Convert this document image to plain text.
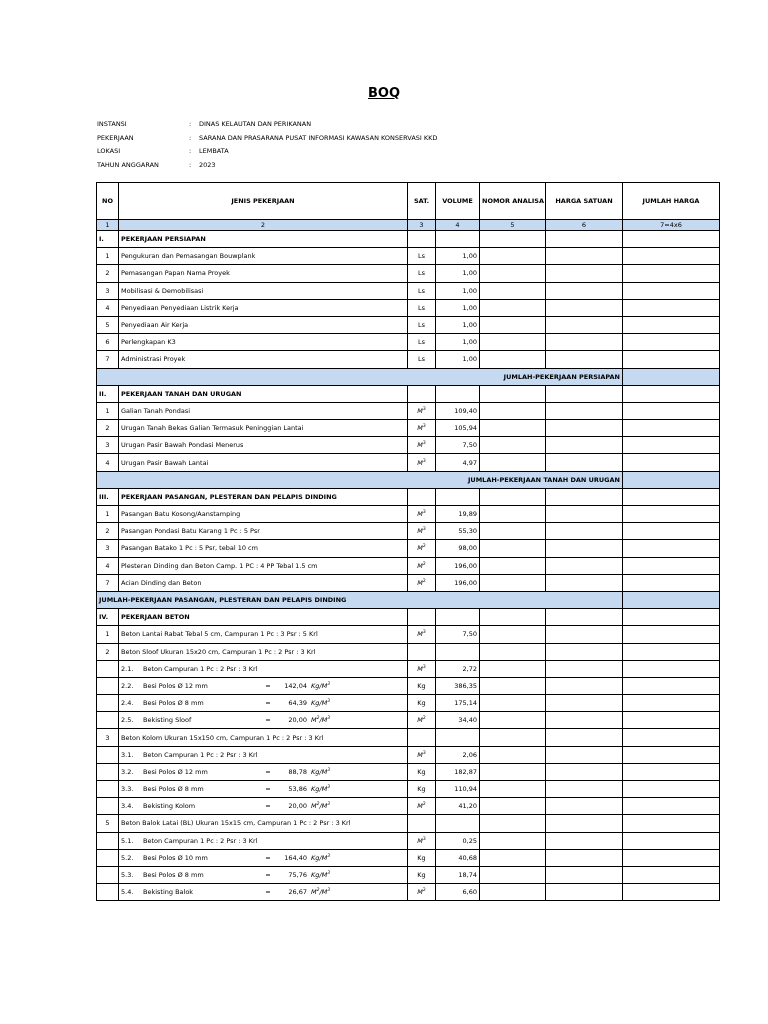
BOQ
INSTANSI	:	DINAS KELAUTAN DAN PERIKANAN
PEKERJAAN	:	SARANA DAN PRASARANA PUSAT INFORMASI KAWASAN KONSERVASI KKD
LOKASI	:	LEMBATA
TAHUN ANGGARAN	:	2023
NO	JENIS PEKERJAAN	SAT.	VOLUME	NOMOR ANALISA	HARGA SATUAN	JUMLAH HARGA
1	2	3	4	5	6	7=4x6
I.	PEKERJAAN PERSIAPAN					
1	Pengukuran dan Pemasangan Bouwplank	Ls	1,00			
2	Pemasangan Papan Nama Proyek	Ls	1,00			
3	Mobilisasi & Demobilisasi	Ls	1,00			
4	Penyediaan Penyediaan Listrik Kerja	Ls	1,00			
5	Penyediaan Air Kerja	Ls	1,00			
6	Perlengkapan K3	Ls	1,00			
7	Administrasi Proyek	Ls	1,00			
JUMLAH-PEKERJAAN PERSIAPAN						
II.	PEKERJAAN TANAH DAN URUGAN					
1	Galian Tanah Pondasi	$M^3$	109,40			
2	Urugan Tanah Bekas Galian Termasuk Peninggian Lantai	$M^3$	105,94			
3	Urugan Pasir Bawah Pondasi Menerus	$M^3$	7,50			
4	Urugan Pasir Bawah Lantai	$M^3$	4,97			
JUMLAH-PEKERJAAN TANAH DAN URUGAN						
III.	PEKERJAAN PASANGAN, PLESTERAN DAN PELAPIS DINDING					
1	Pasangan Batu Kosong/Aanstamping	$M^3$	19,89			
2	Pasangan Pondasi Batu Karang 1 Pc : 5 Psr	$M^3$	55,30			
3	Pasangan Batako 1 Pc : 5 Psr, tebal 10 cm	$M^2$	98,00			
4	Plesteran Dinding dan Beton Camp. 1 PC : 4 PP Tebal 1.5 cm	$M^2$	196,00			
7	Acian Dinding dan Beton	$M^2$	196,00			
JUMLAH-PEKERJAAN PASANGAN, PLESTERAN DAN PELAPIS DINDING						
IV.	PEKERJAAN BETON					
1	Beton Lantai Rabat Tebal 5 cm, Campuran 1 Pc : 3 Psr : 5 Krl	$M^3$	7,50			
2	Beton Sloof Ukuran 15x20 cm, Campuran 1 Pc : 2 Psr : 3 Krl					
	2.1. Beton Campuran 1 Pc : 2 Psr : 3 Krl	$M^3$	2,72			
	2.2. Besi Polos Ø 12 mm = 142,04 $Kg/M^3$	Kg	386,35			
	2.4. Besi Polos Ø 8 mm = 64,39 $Kg/M^3$	Kg	175,14			
	2.5. Bekisting Sloof = 20,00 $M^2/M^3$	$M^2$	34,40			
3	Beton Kolom Ukuran 15x150 cm, Campuran 1 Pc : 2 Psr : 3 Krl					
	3.1. Beton Campuran 1 Pc : 2 Psr : 3 Krl	$M^3$	2,06			
	3.2. Besi Polos Ø 12 mm = 88,78 $Kg/M^3$	Kg	182,87			
	3.3. Besi Polos Ø 8 mm = 53,86 $Kg/M^3$	Kg	110,94			
	3.4. Bekisting Kolom = 20,00 $M^2/M^3$	$M^2$	41,20			
5	Beton Balok Latai (BL) Ukuran 15x15 cm, Campuran 1 Pc : 2 Psr : 3 Krl					
	5.1. Beton Campuran 1 Pc : 2 Psr : 3 Krl	$M^3$	0,25			
	5.2. Besi Polos Ø 10 mm = 164,40 $Kg/M^3$	Kg	40,68			
	5.3. Besi Polos Ø 8 mm = 75,76 $Kg/M^3$	Kg	18,74			
	5.4. Bekisting Balok = 26,67 $M^2/M^3$	$M^2$	6,60			
